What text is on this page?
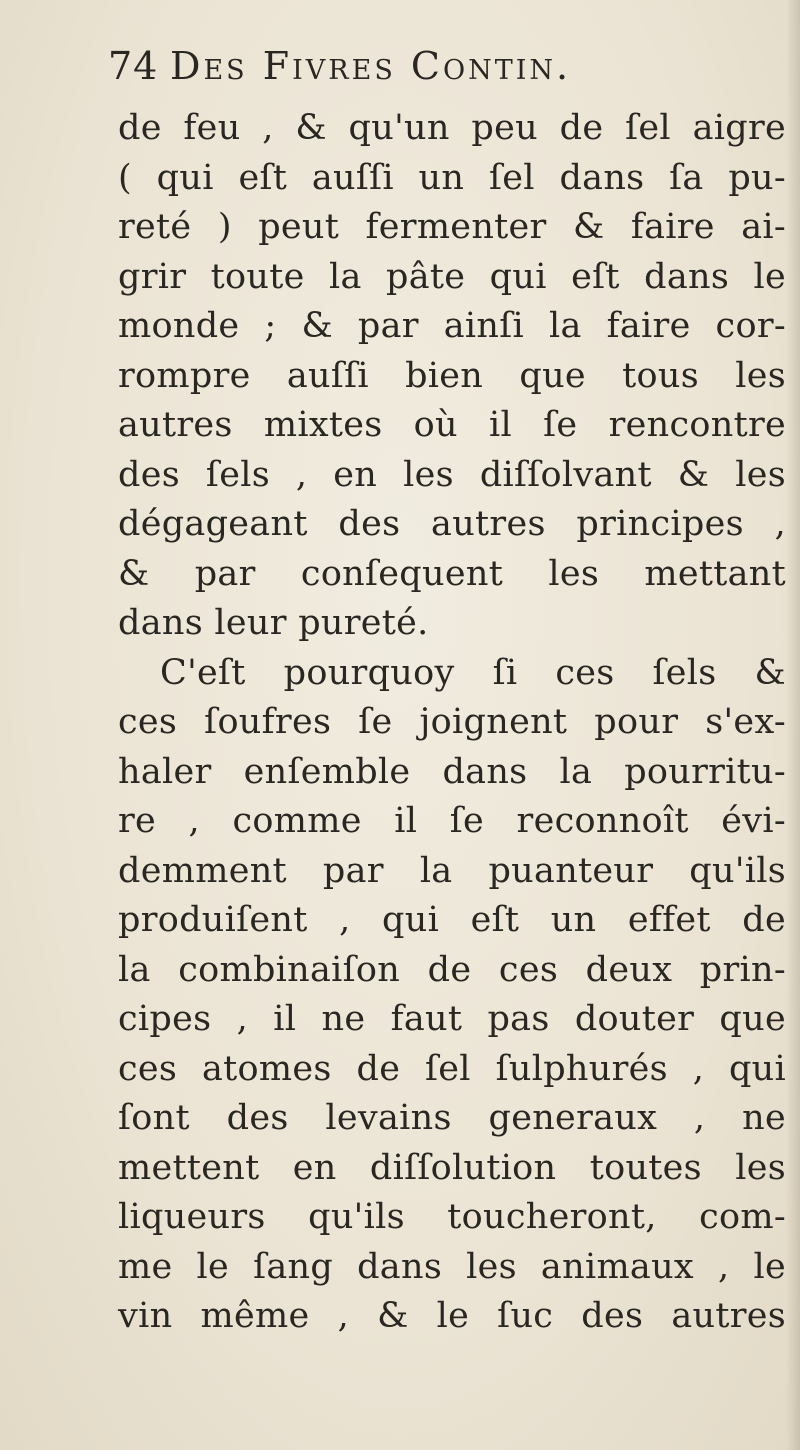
74 Des Fivres Contin.
de feu , & qu'un peu de ſel aigre
( qui eſt auſſi un ſel dans ſa pu-
reté ) peut fermenter & faire ai-
grir toute la pâte qui eſt dans le
monde ; & par ainſi la faire cor-
rompre auſſi bien que tous les
autres mixtes où il ſe rencontre
des ſels , en les diſſolvant & les
dégageant des autres principes ,
& par conſequent les mettant
dans leur pureté.
C'eſt pourquoy ſi ces ſels &
ces ſoufres ſe joignent pour s'ex-
haler enſemble dans la pourritu-
re , comme il ſe reconnoît évi-
demment par la puanteur qu'ils
produiſent , qui eſt un effet de
la combinaiſon de ces deux prin-
cipes , il ne faut pas douter que
ces atomes de ſel ſulphurés , qui
ſont des levains generaux , ne
mettent en diſſolution toutes les
liqueurs qu'ils toucheront, com-
me le ſang dans les animaux , le
vin même , & le ſuc des autres
